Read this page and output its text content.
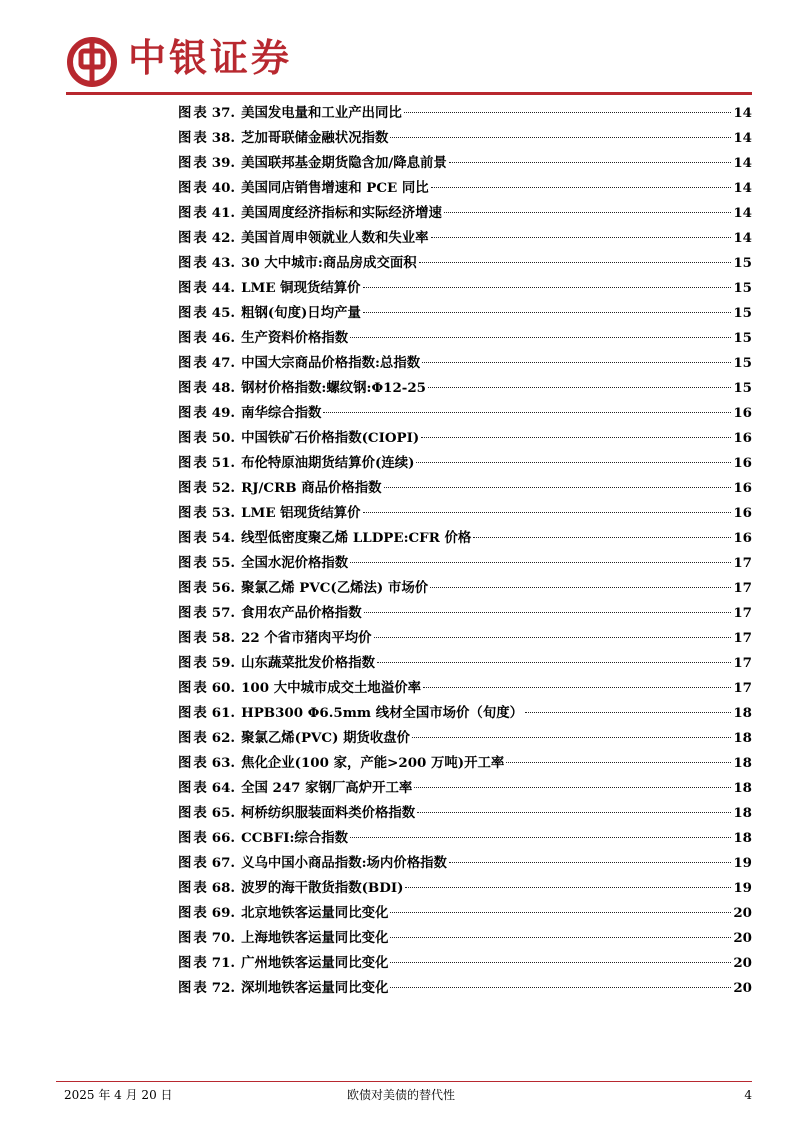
中银证券
图表 37. 美国发电量和工业产出同比	14
图表 38. 芝加哥联储金融状况指数	14
图表 39. 美国联邦基金期货隐含加/降息前景	14
图表 40. 美国同店销售增速和 PCE 同比	14
图表 41. 美国周度经济指标和实际经济增速	14
图表 42. 美国首周申领就业人数和失业率	14
图表 43. 30 大中城市:商品房成交面积	15
图表 44. LME 铜现货结算价	15
图表 45. 粗钢(旬度)日均产量	15
图表 46. 生产资料价格指数	15
图表 47. 中国大宗商品价格指数:总指数	15
图表 48. 钢材价格指数:螺纹钢:Φ12-25	15
图表 49. 南华综合指数	16
图表 50. 中国铁矿石价格指数(CIOPI)	16
图表 51. 布伦特原油期货结算价(连续)	16
图表 52. RJ/CRB 商品价格指数	16
图表 53. LME 铝现货结算价	16
图表 54. 线型低密度聚乙烯 LLDPE:CFR 价格	16
图表 55. 全国水泥价格指数	17
图表 56. 聚氯乙烯 PVC(乙烯法) 市场价	17
图表 57. 食用农产品价格指数	17
图表 58. 22 个省市猪肉平均价	17
图表 59. 山东蔬菜批发价格指数	17
图表 60. 100 大中城市成交土地溢价率	17
图表 61. HPB300 Φ6.5mm 线材全国市场价（旬度）	18
图表 62. 聚氯乙烯(PVC) 期货收盘价	18
图表 63. 焦化企业(100 家，产能>200 万吨)开工率	18
图表 64. 全国 247 家钢厂高炉开工率	18
图表 65. 柯桥纺织服装面料类价格指数	18
图表 66. CCBFI:综合指数	18
图表 67. 义乌中国小商品指数:场内价格指数	19
图表 68. 波罗的海干散货指数(BDI)	19
图表 69. 北京地铁客运量同比变化	20
图表 70. 上海地铁客运量同比变化	20
图表 71. 广州地铁客运量同比变化	20
图表 72. 深圳地铁客运量同比变化	20
2025 年 4 月 20 日	欧债对美债的替代性	4
